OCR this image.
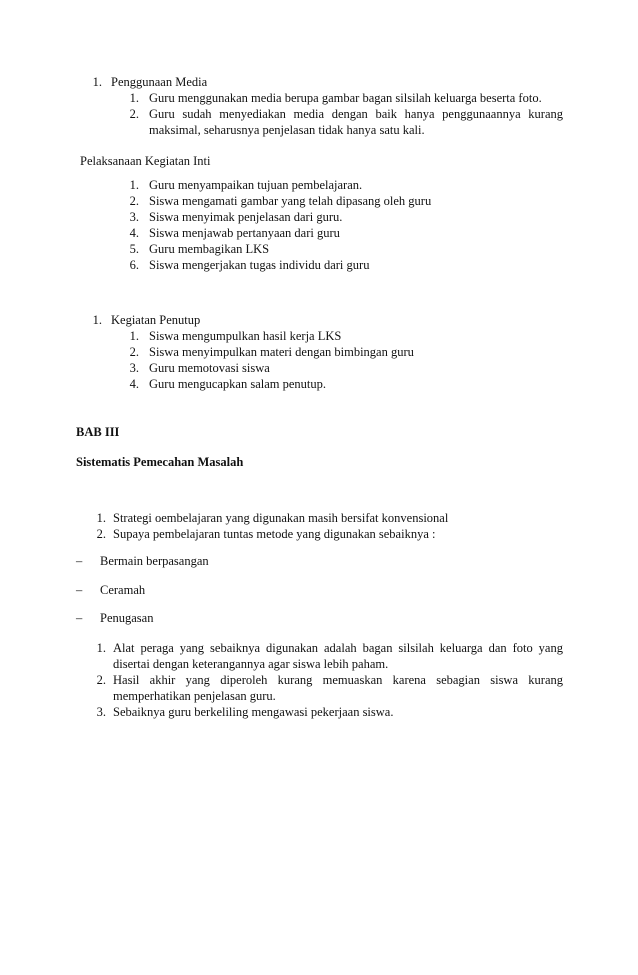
1. Penggunaan Media
1. Guru menggunakan media berupa gambar bagan silsilah keluarga beserta foto.
2. Guru sudah menyediakan media dengan baik hanya penggunaannya kurang
maksimal, seharusnya penjelasan tidak hanya satu kali.
Pelaksanaan Kegiatan Inti
1. Guru menyampaikan tujuan pembelajaran.
2. Siswa mengamati gambar yang telah dipasang oleh guru
3. Siswa menyimak penjelasan dari guru.
4. Siswa menjawab pertanyaan dari guru
5. Guru membagikan LKS
6. Siswa mengerjakan tugas individu dari guru
1. Kegiatan Penutup
1. Siswa mengumpulkan hasil kerja LKS
2. Siswa menyimpulkan materi dengan bimbingan guru
3. Guru memotovasi siswa
4. Guru mengucapkan salam penutup.
BAB III
Sistematis Pemecahan Masalah
1. Strategi oembelajaran yang digunakan masih bersifat konvensional
2. Supaya pembelajaran tuntas metode yang digunakan sebaiknya :
– Bermain berpasangan
– Ceramah
– Penugasan
1. Alat peraga yang sebaiknya digunakan adalah bagan silsilah keluarga dan foto yang
disertai dengan keterangannya agar siswa lebih paham.
2. Hasil akhir yang diperoleh kurang memuaskan karena sebagian siswa kurang
memperhatikan penjelasan guru.
3. Sebaiknya guru berkeliling mengawasi pekerjaan siswa.
